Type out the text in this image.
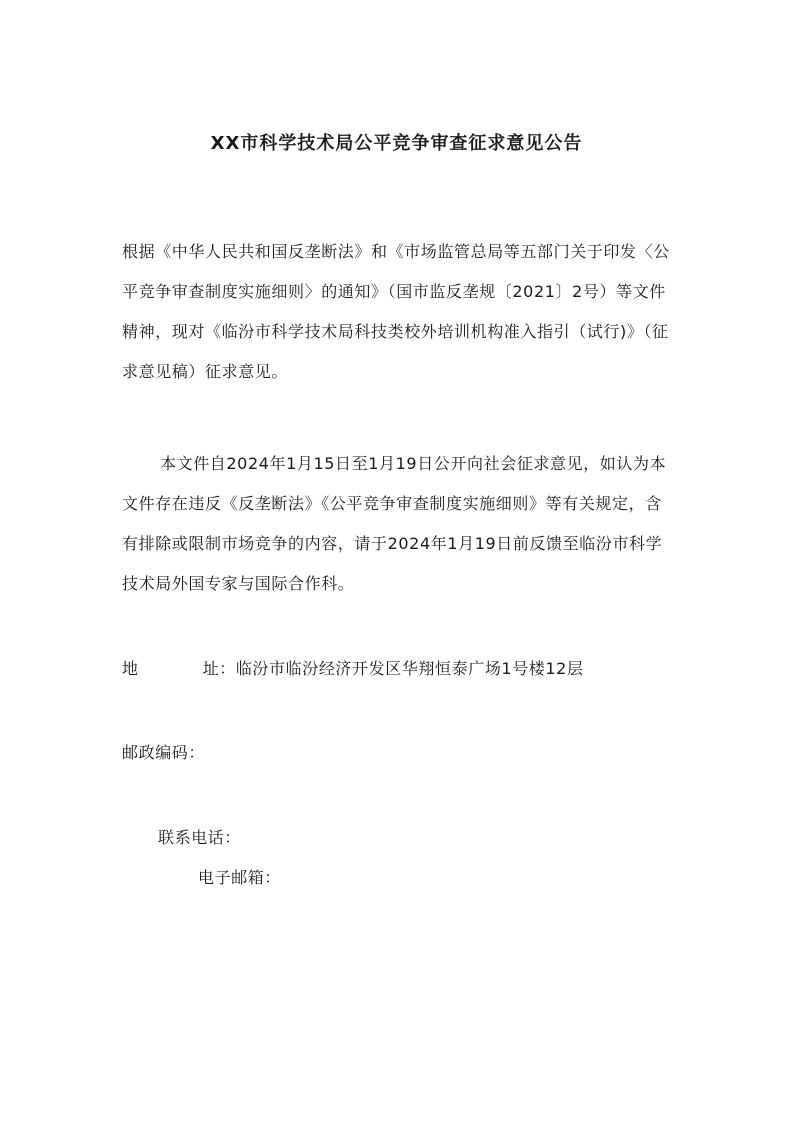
XX市科学技术局公平竞争审查征求意见公告

根据《中华人民共和国反垄断法》和《市场监管总局等五部门关于印发〈公平竞争审查制度实施细则〉的通知》（国市监反垄规〔2021〕2号）等文件精神，现对《临汾市科学技术局科技类校外培训机构准入指引（试行)》（征求意见稿）征求意见。

本文件自2024年1月15日至1月19日公开向社会征求意见，如认为本文件存在违反《反垄断法》《公平竞争审查制度实施细则》等有关规定，含有排除或限制市场竞争的内容，请于2024年1月19日前反馈至临汾市科学技术局外国专家与国际合作科。

地	址：临汾市临汾经济开发区华翔恒泰广场1号楼12层
邮政编码：
联系电话：
电子邮箱：
